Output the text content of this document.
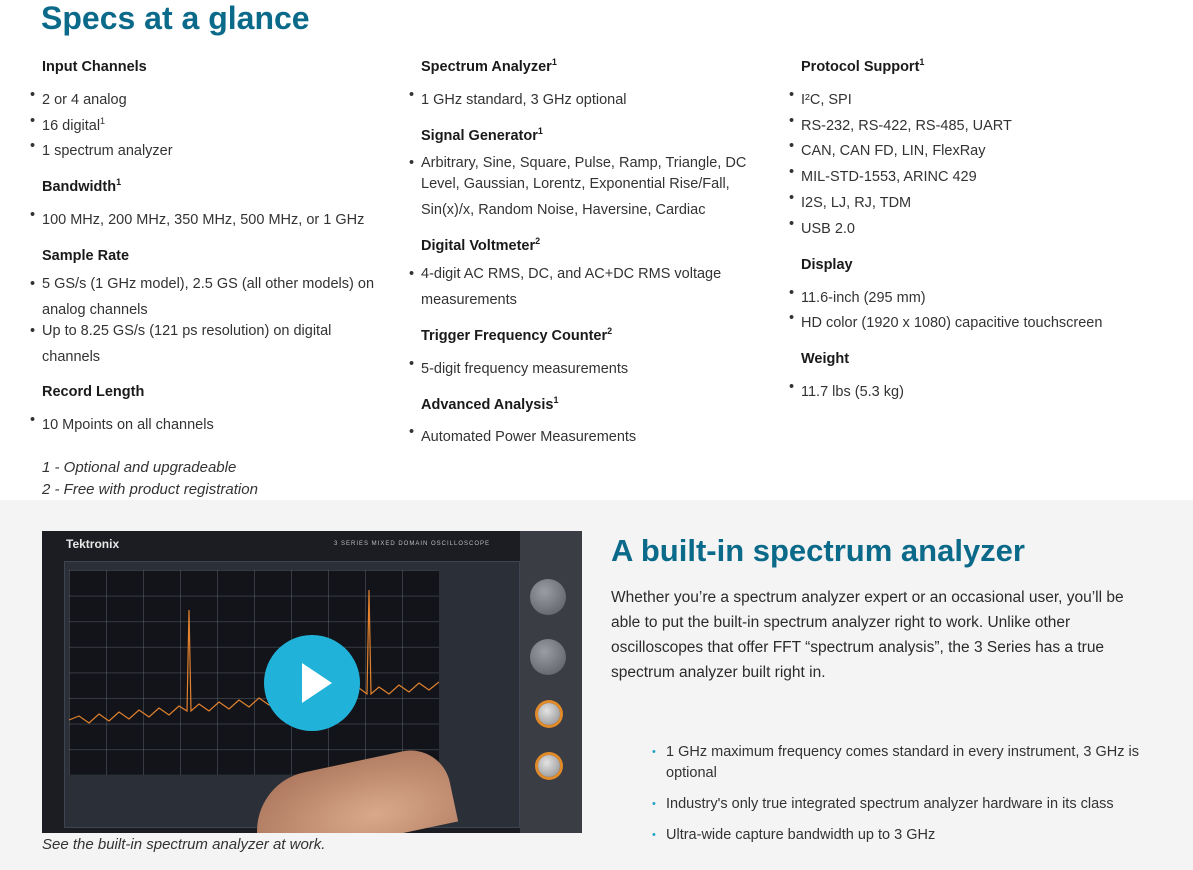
Specs at a glance
Input Channels
• 2 or 4 analog
• 16 digital$^1$
• 1 spectrum analyzer
Bandwidth$^1$
• 100 MHz, 200 MHz, 350 MHz, 500 MHz, or 1 GHz
Sample Rate
• 5 GS/s (1 GHz model), 2.5 GS (all other models) on analog channels
• Up to 8.25 GS/s (121 ps resolution) on digital channels
Record Length
• 10 Mpoints on all channels
Spectrum Analyzer$^1$
• 1 GHz standard, 3 GHz optional
Signal Generator$^1$
• Arbitrary, Sine, Square, Pulse, Ramp, Triangle, DC Level, Gaussian, Lorentz, Exponential Rise/Fall, Sin(x)/x, Random Noise, Haversine, Cardiac
Digital Voltmeter$^2$
• 4-digit AC RMS, DC, and AC+DC RMS voltage measurements
Trigger Frequency Counter$^2$
• 5-digit frequency measurements
Advanced Analysis$^1$
• Automated Power Measurements
Protocol Support$^1$
• I²C, SPI
• RS-232, RS-422, RS-485, UART
• CAN, CAN FD, LIN, FlexRay
• MIL-STD-1553, ARINC 429
• I2S, LJ, RJ, TDM
• USB 2.0
Display
• 11.6-inch (295 mm)
• HD color (1920 x 1080) capacitive touchscreen
Weight
• 11.7 lbs (5.3 kg)
1 - Optional and upgradeable
2 - Free with product registration
Tektronix	3 SERIES MIXED DOMAIN OSCILLOSCOPE
See the built-in spectrum analyzer at work.
A built-in spectrum analyzer

Whether you’re a spectrum analyzer expert or an occasional user, you’ll be able to put the built-in spectrum analyzer right to work. Unlike other oscilloscopes that offer FFT “spectrum analysis”, the 3 Series has a true spectrum analyzer built right in.

• 1 GHz maximum frequency comes standard in every instrument, 3 GHz is optional
• Industry's only true integrated spectrum analyzer hardware in its class
• Ultra-wide capture bandwidth up to 3 GHz
